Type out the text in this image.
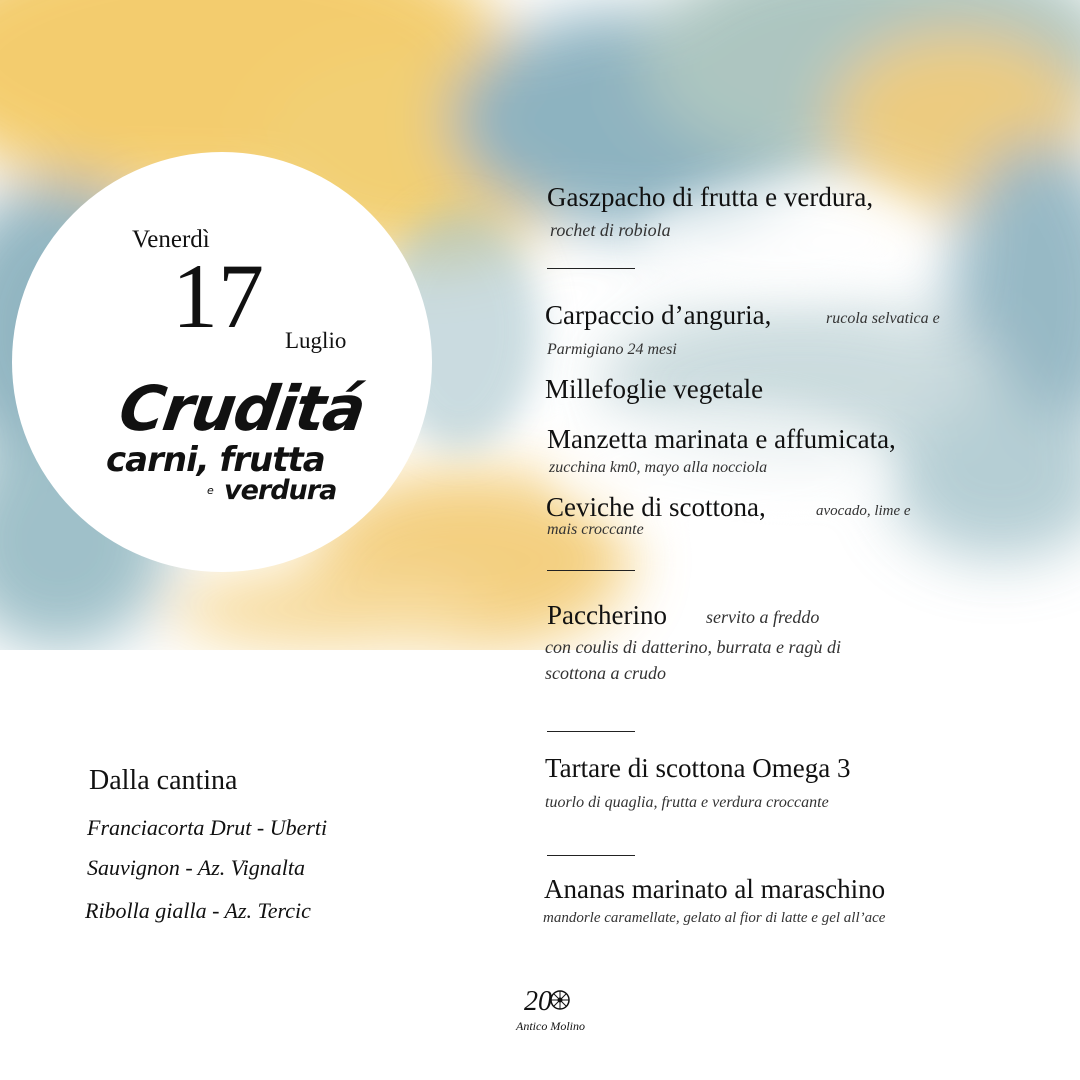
Venerdì
17 Luglio
Cruditá
carni, frutta
e verdura
Gaszpacho di frutta e verdura,
rochet di robiola
Carpaccio d’anguria,	rucola selvatica e
Parmigiano 24 mesi
Millefoglie vegetale
Manzetta marinata e affumicata,
zucchina km0, mayo alla nocciola
Ceviche di scottona,	avocado, lime e
mais croccante
Paccherino servito a freddo
con coulis di datterino, burrata e ragù di
scottona a crudo
Tartare di scottona Omega 3
tuorlo di quaglia, frutta e verdura croccante
Ananas marinato al maraschino
mandorle caramellate, gelato al fior di latte e gel all’ace
Dalla cantina
Franciacorta Drut - Uberti
Sauvignon - Az. Vignalta
Ribolla gialla - Az. Tercic
20
Antico Molino
